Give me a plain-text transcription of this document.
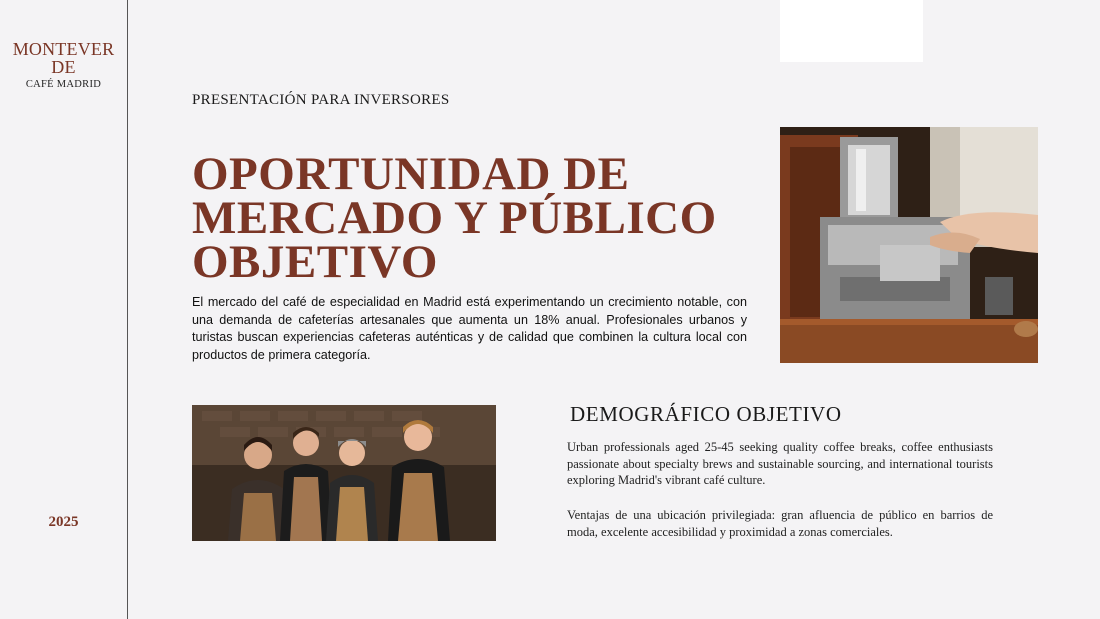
MONTEVER DE
CAFÉ MADRID
2025
PRESENTACIÓN PARA INVERSORES
OPORTUNIDAD DE MERCADO Y PÚBLICO OBJETIVO
El mercado del café de especialidad en Madrid está experimentando un crecimiento notable, con una demanda de cafeterías artesanales que aumenta un 18% anual. Profesionales urbanos y turistas buscan experiencias cafeteras auténticas y de calidad que combinen la cultura local con productos de primera categoría.
DEMOGRÁFICO OBJETIVO
Urban professionals aged 25-45 seeking quality coffee breaks, coffee enthusiasts passionate about specialty brews and sustainable sourcing, and international tourists exploring Madrid's vibrant café culture.
Ventajas de una ubicación privilegiada: gran afluencia de público en barrios de moda, excelente accesibilidad y proximidad a zonas comerciales.
